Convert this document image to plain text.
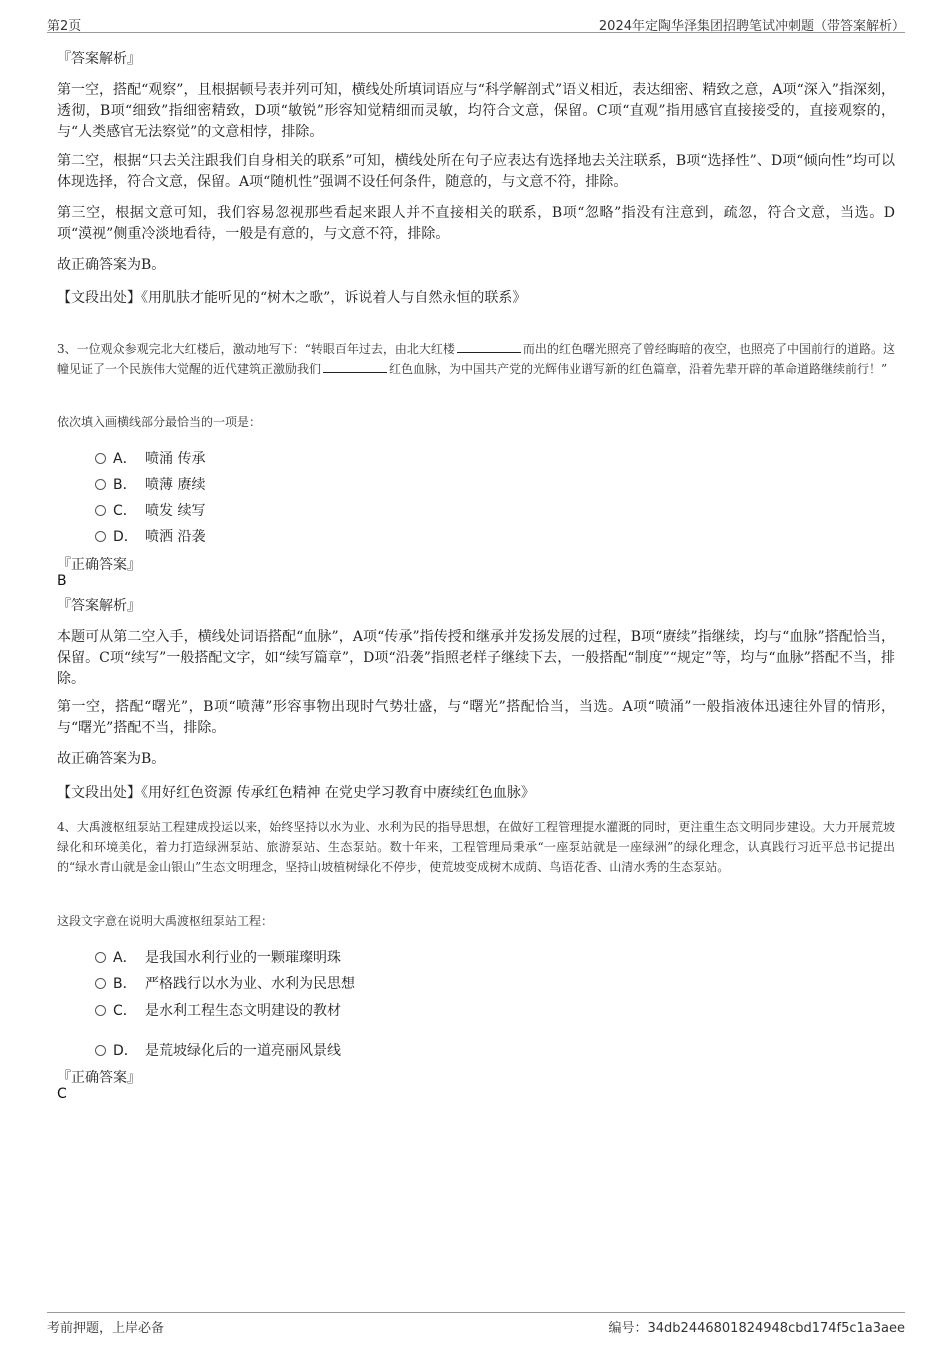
第2页	2024年定陶华泽集团招聘笔试冲刺题（带答案解析）
『答案解析』

第一空，搭配“观察”，且根据顿号表并列可知，横线处所填词语应与“科学解剖式”语义相近，表达细密、精致之意，A项“深入”指深刻，透彻，B项“细致”指细密精致，D项“敏锐”形容知觉精细而灵敏，均符合文意，保留。C项“直观”指用感官直接接受的，直接观察的，与“人类感官无法察觉”的文意相悖，排除。

第二空，根据“只去关注跟我们自身相关的联系”可知，横线处所在句子应表达有选择地去关注联系，B项“选择性”、D项“倾向性”均可以体现选择，符合文意，保留。A项“随机性”强调不设任何条件，随意的，与文意不符，排除。

第三空，根据文意可知，我们容易忽视那些看起来跟人并不直接相关的联系，B项“忽略”指没有注意到，疏忽，符合文意，当选。D项“漠视”侧重冷淡地看待，一般是有意的，与文意不符，排除。

故正确答案为B。

【文段出处】《用肌肤才能听见的“树木之歌”，诉说着人与自然永恒的联系》

3、一位观众参观完北大红楼后，激动地写下：“转眼百年过去，由北大红楼	而出的红色曙光照亮了曾经晦暗的夜空，也照亮了中国前行的道路。这幢见证了一个民族伟大觉醒的近代建筑正激励我们	红色血脉，为中国共产党的光辉伟业谱写新的红色篇章，沿着先辈开辟的革命道路继续前行！”

依次填入画横线部分最恰当的一项是：

A． 喷涌 传承
B． 喷薄 赓续
C． 喷发 续写
D． 喷洒 沿袭
『正确答案』
B
『答案解析』

本题可从第二空入手，横线处词语搭配“血脉”，A项“传承”指传授和继承并发扬发展的过程，B项“赓续”指继续，均与“血脉”搭配恰当，保留。C项“续写”一般搭配文字，如“续写篇章”，D项“沿袭”指照老样子继续下去，一般搭配“制度”“规定”等，均与“血脉”搭配不当，排除。

第一空，搭配“曙光”，B项“喷薄”形容事物出现时气势壮盛，与“曙光”搭配恰当，当选。A项“喷涌”一般指液体迅速往外冒的情形，与“曙光”搭配不当，排除。

故正确答案为B。

【文段出处】《用好红色资源 传承红色精神 在党史学习教育中赓续红色血脉》

4、大禹渡枢纽泵站工程建成投运以来，始终坚持以水为业、水利为民的指导思想，在做好工程管理提水灌溉的同时，更注重生态文明同步建设。大力开展荒坡绿化和环境美化，着力打造绿洲泵站、旅游泵站、生态泵站。数十年来，工程管理局秉承“一座泵站就是一座绿洲”的绿化理念，认真践行习近平总书记提出的“绿水青山就是金山银山”生态文明理念，坚持山坡植树绿化不停步，使荒坡变成树木成荫、鸟语花香、山清水秀的生态泵站。

这段文字意在说明大禹渡枢纽泵站工程：

A． 是我国水利行业的一颗璀璨明珠
B． 严格践行以水为业、水利为民思想
C． 是水利工程生态文明建设的教材
D． 是荒坡绿化后的一道亮丽风景线
『正确答案』
C
考前押题，上岸必备	编号：34db2446801824948cbd174f5c1a3aee
